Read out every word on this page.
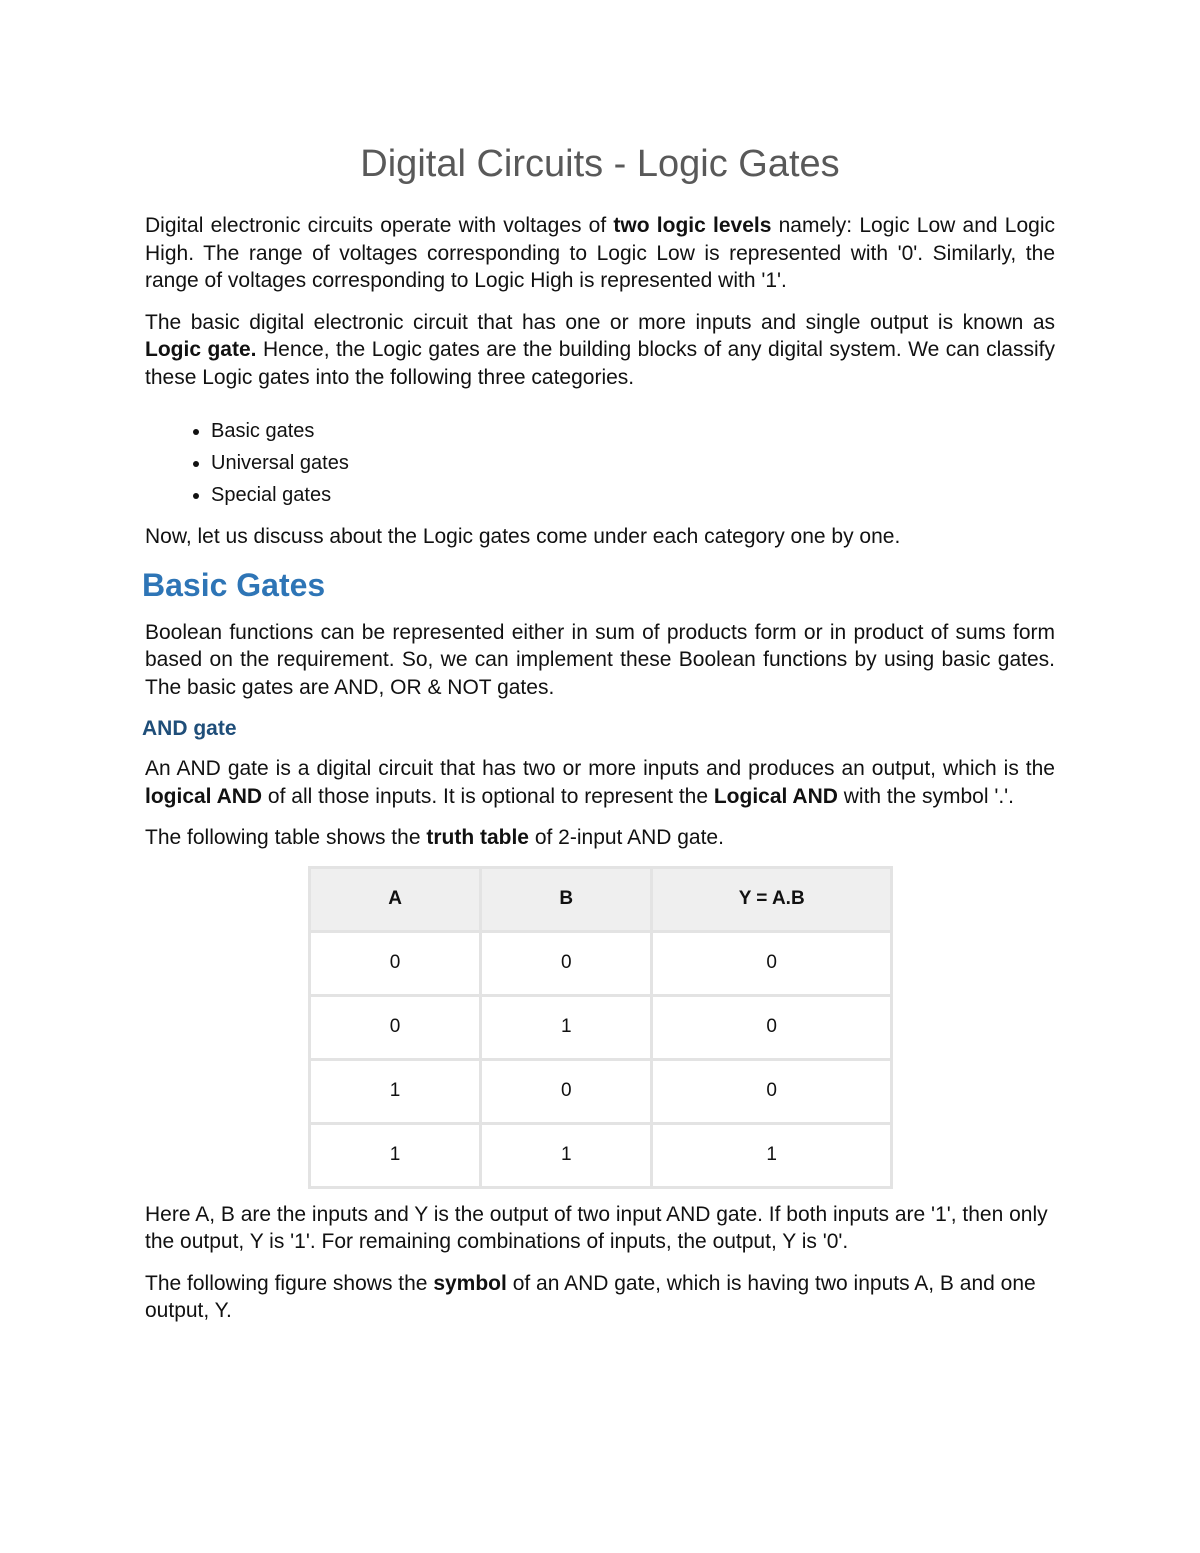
Digital Circuits - Logic Gates

Digital electronic circuits operate with voltages of two logic levels namely: Logic Low and Logic High. The range of voltages corresponding to Logic Low is represented with '0'. Similarly, the range of voltages corresponding to Logic High is represented with '1'.

The basic digital electronic circuit that has one or more inputs and single output is known as Logic gate. Hence, the Logic gates are the building blocks of any digital system. We can classify these Logic gates into the following three categories.

• Basic gates
• Universal gates
• Special gates

Now, let us discuss about the Logic gates come under each category one by one.

Basic Gates

Boolean functions can be represented either in sum of products form or in product of sums form based on the requirement. So, we can implement these Boolean functions by using basic gates. The basic gates are AND, OR & NOT gates.

AND gate

An AND gate is a digital circuit that has two or more inputs and produces an output, which is the logical AND of all those inputs. It is optional to represent the Logical AND with the symbol '.'.

The following table shows the truth table of 2-input AND gate.

A	B	Y = A.B
0	0	0
0	1	0
1	0	0
1	1	1

Here A, B are the inputs and Y is the output of two input AND gate. If both inputs are '1', then only the output, Y is '1'. For remaining combinations of inputs, the output, Y is '0'.

The following figure shows the symbol of an AND gate, which is having two inputs A, B and one output, Y.
